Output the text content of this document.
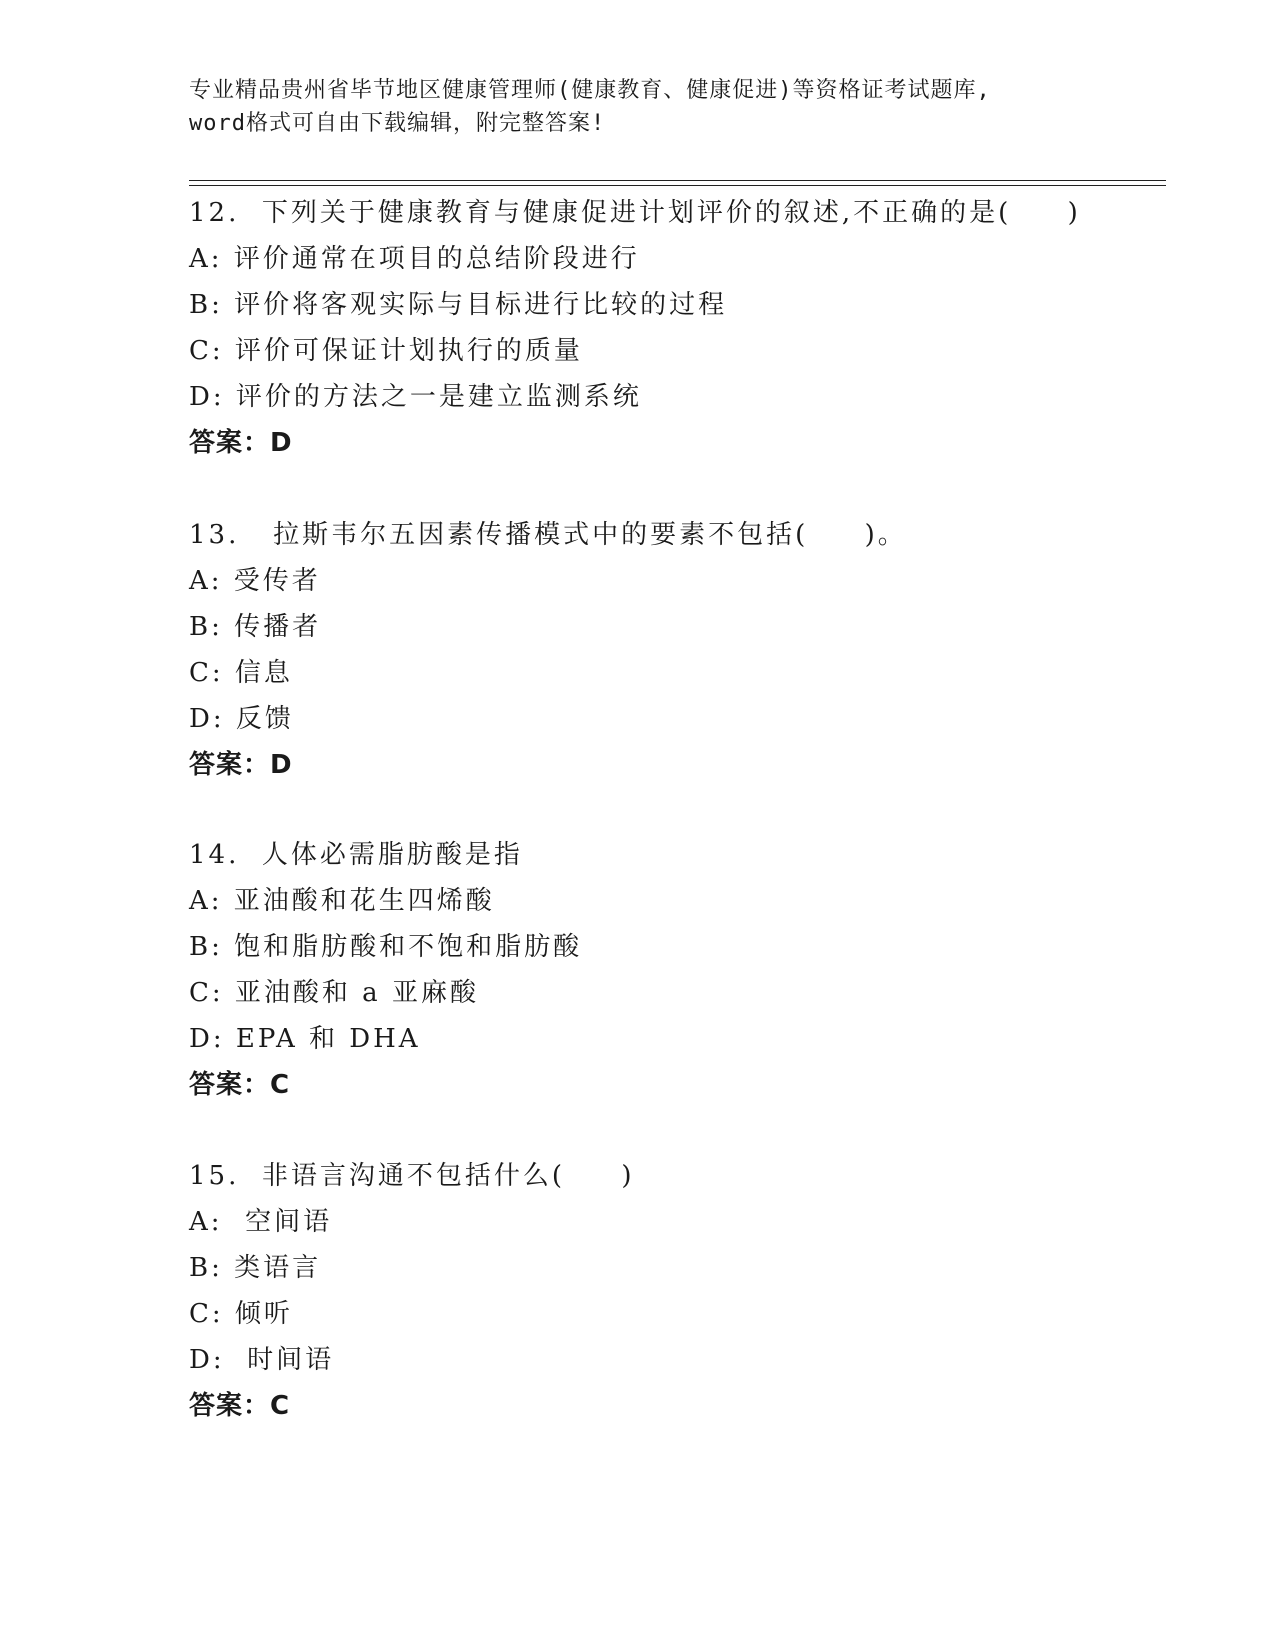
专业精品贵州省毕节地区健康管理师(健康教育、健康促进)等资格证考试题库,
word格式可自由下载编辑，附完整答案!
12.  下列关于健康教育与健康促进计划评价的叙述,不正确的是(     )
A: 评价通常在项目的总结阶段进行
B: 评价将客观实际与目标进行比较的过程
C: 评价可保证计划执行的质量
D: 评价的方法之一是建立监测系统
答案：D
13.   拉斯韦尔五因素传播模式中的要素不包括(     )。
A: 受传者
B: 传播者
C: 信息
D: 反馈
答案：D
14.  人体必需脂肪酸是指
A: 亚油酸和花生四烯酸
B: 饱和脂肪酸和不饱和脂肪酸
C: 亚油酸和 a 亚麻酸
D: EPA 和 DHA
答案：C
15.  非语言沟通不包括什么(     )
A:  空间语
B: 类语言
C: 倾听
D:  时间语
答案：C
